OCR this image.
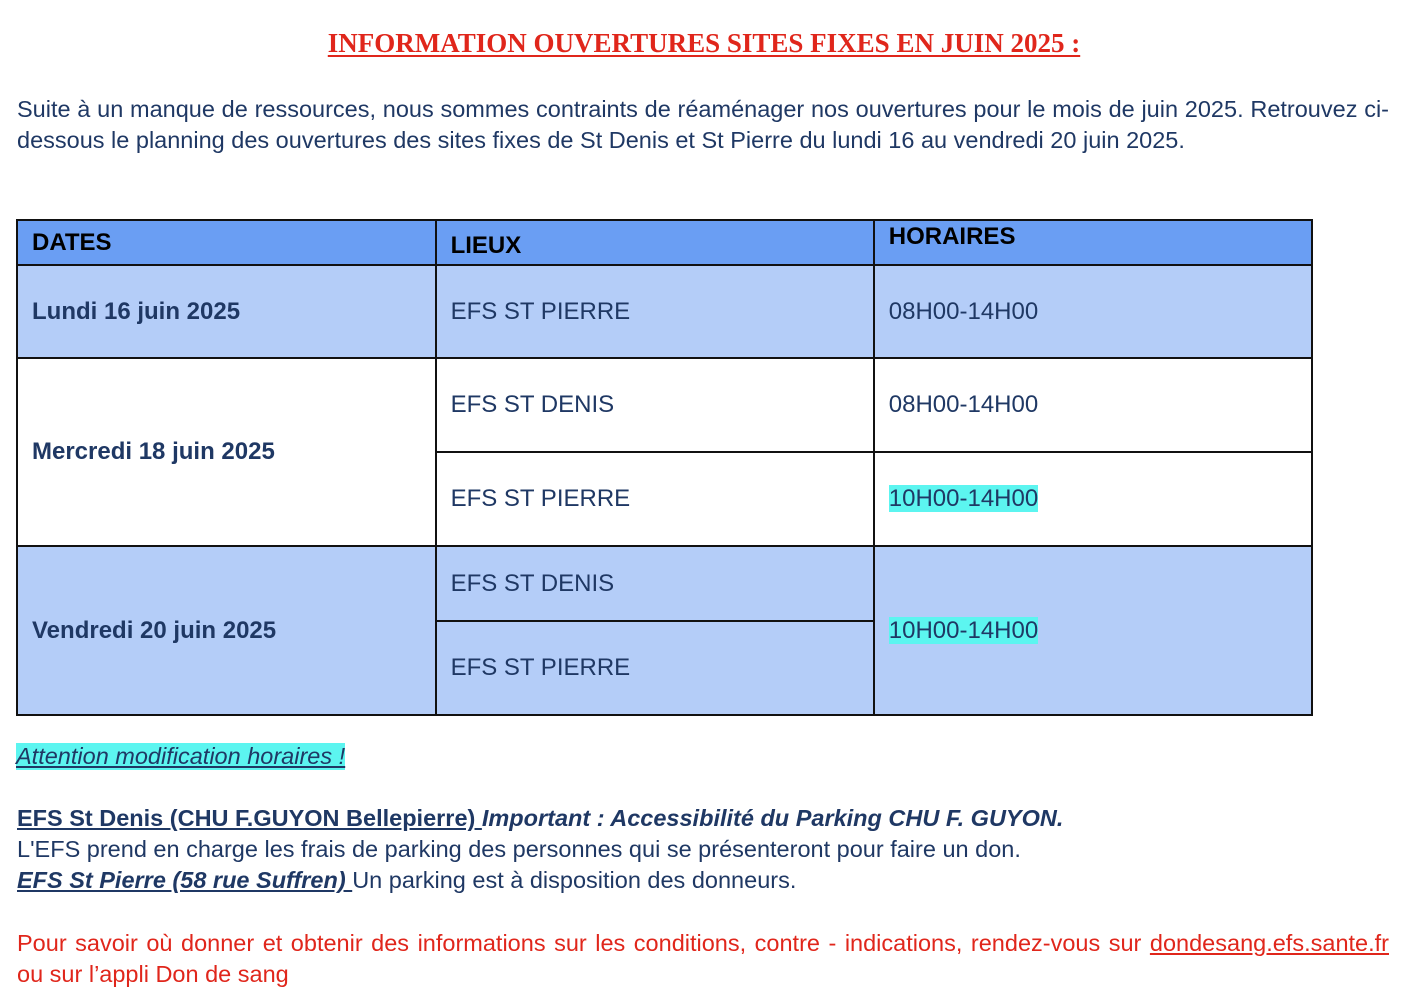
INFORMATION OUVERTURES SITES FIXES EN JUIN 2025 :
Suite à un manque de ressources, nous sommes contraints de réaménager nos ouvertures pour le mois de juin 2025. Retrouvez ci-dessous le planning des ouvertures des sites fixes de St Denis et St Pierre du lundi 16 au vendredi 20 juin 2025.
DATES	LIEUX	HORAIRES
Lundi 16 juin 2025	EFS ST PIERRE	08H00-14H00
Mercredi 18 juin 2025	EFS ST DENIS	08H00-14H00
	EFS ST PIERRE	10H00-14H00
Vendredi 20 juin 2025	EFS ST DENIS	10H00-14H00
	EFS ST PIERRE	
Attention modification horaires !
EFS St Denis (CHU F.GUYON Bellepierre) Important : Accessibilité du Parking CHU F. GUYON.
L'EFS prend en charge les frais de parking des personnes qui se présenteront pour faire un don.
EFS St Pierre (58 rue Suffren) Un parking est à disposition des donneurs.
Pour savoir où donner et obtenir des informations sur les conditions, contre - indications, rendez-vous sur dondesang.efs.sante.fr ou sur l’appli Don de sang
